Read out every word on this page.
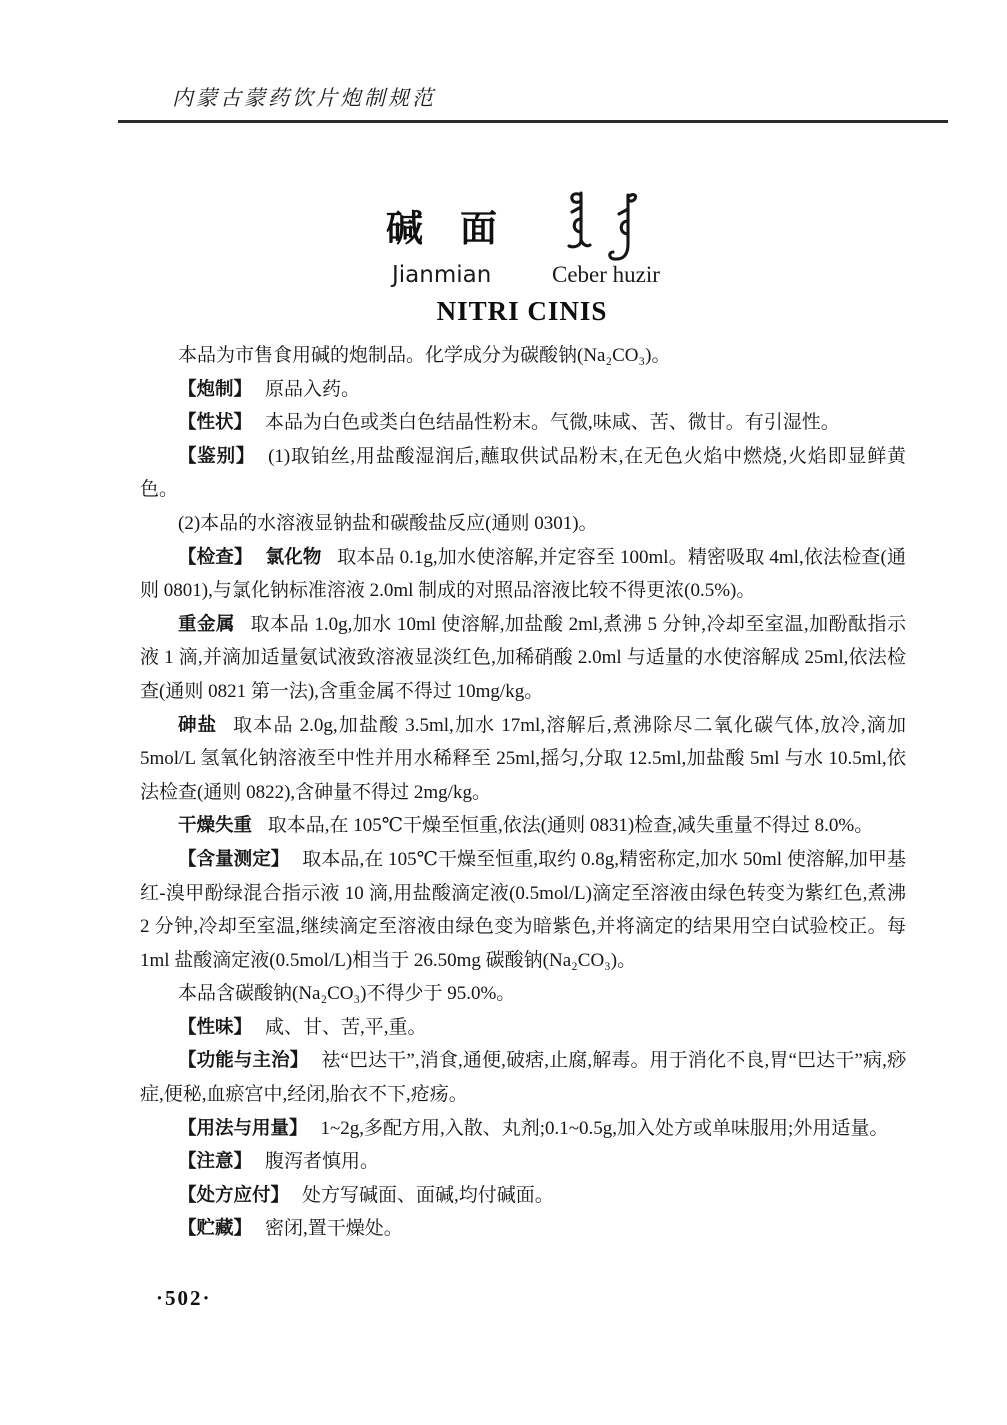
内蒙古蒙药饮片炮制规范
碱　面
Jianmian	Ceber huzir
NITRI CINIS

本品为市售食用碱的炮制品。化学成分为碳酸钠(Na₂CO₃)。

【炮制】 原品入药。

【性状】 本品为白色或类白色结晶性粉末。气微,味咸、苦、微甘。有引湿性。

【鉴别】 (1)取铂丝,用盐酸湿润后,蘸取供试品粉末,在无色火焰中燃烧,火焰即显鲜黄色。

(2)本品的水溶液显钠盐和碳酸盐反应(通则 0301)。

【检查】 氯化物 取本品 0.1g,加水使溶解,并定容至 100ml。精密吸取 4ml,依法检查(通则 0801),与氯化钠标准溶液 2.0ml 制成的对照品溶液比较不得更浓(0.5%)。

重金属 取本品 1.0g,加水 10ml 使溶解,加盐酸 2ml,煮沸 5 分钟,冷却至室温,加酚酞指示液 1 滴,并滴加适量氨试液致溶液显淡红色,加稀硝酸 2.0ml 与适量的水使溶解成 25ml,依法检查(通则 0821 第一法),含重金属不得过 10mg/kg。

砷盐 取本品 2.0g,加盐酸 3.5ml,加水 17ml,溶解后,煮沸除尽二氧化碳气体,放冷,滴加 5mol/L 氢氧化钠溶液至中性并用水稀释至 25ml,摇匀,分取 12.5ml,加盐酸 5ml 与水 10.5ml,依法检查(通则 0822),含砷量不得过 2mg/kg。

干燥失重 取本品,在 105℃干燥至恒重,依法(通则 0831)检查,减失重量不得过 8.0%。

【含量测定】 取本品,在 105℃干燥至恒重,取约 0.8g,精密称定,加水 50ml 使溶解,加甲基红-溴甲酚绿混合指示液 10 滴,用盐酸滴定液(0.5mol/L)滴定至溶液由绿色转变为紫红色,煮沸 2 分钟,冷却至室温,继续滴定至溶液由绿色变为暗紫色,并将滴定的结果用空白试验校正。每 1ml 盐酸滴定液(0.5mol/L)相当于 26.50mg 碳酸钠(Na₂CO₃)。

本品含碳酸钠(Na₂CO₃)不得少于 95.0%。

【性味】 咸、甘、苦,平,重。

【功能与主治】 祛“巴达干”,消食,通便,破痞,止腐,解毒。用于消化不良,胃“巴达干”病,痧症,便秘,血瘀宫中,经闭,胎衣不下,疮疡。

【用法与用量】 1~2g,多配方用,入散、丸剂;0.1~0.5g,加入处方或单味服用;外用适量。

【注意】 腹泻者慎用。

【处方应付】 处方写碱面、面碱,均付碱面。

【贮藏】 密闭,置干燥处。

·502·
